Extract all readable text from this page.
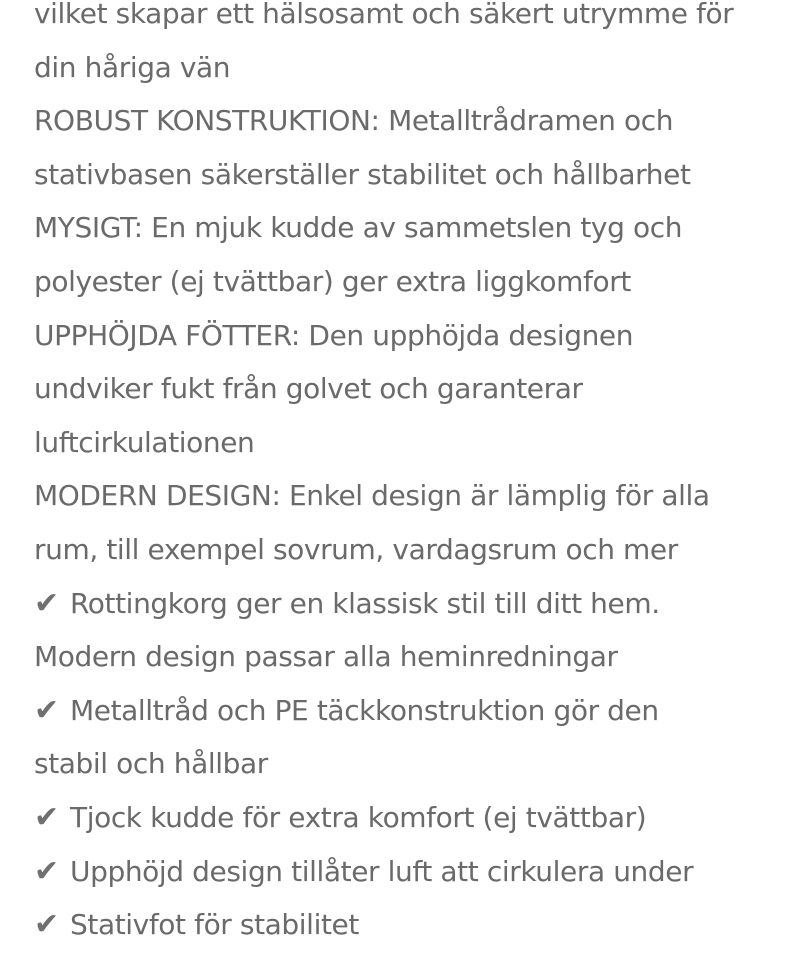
vilket skapar ett hälsosamt och säkert utrymme för
din håriga vän
ROBUST KONSTRUKTION: Metalltrådramen och
stativbasen säkerställer stabilitet och hållbarhet
MYSIGT: En mjuk kudde av sammetslen tyg och
polyester (ej tvättbar) ger extra liggkomfort
UPPHÖJDA FÖTTER: Den upphöjda designen
undviker fukt från golvet och garanterar
luftcirkulationen
MODERN DESIGN: Enkel design är lämplig för alla
rum, till exempel sovrum, vardagsrum och mer
✔ Rottingkorg ger en klassisk stil till ditt hem.
Modern design passar alla heminredningar
✔ Metalltråd och PE täckkonstruktion gör den
stabil och hållbar
✔ Tjock kudde för extra komfort (ej tvättbar)
✔ Upphöjd design tillåter luft att cirkulera under
✔ Stativfot för stabilitet
